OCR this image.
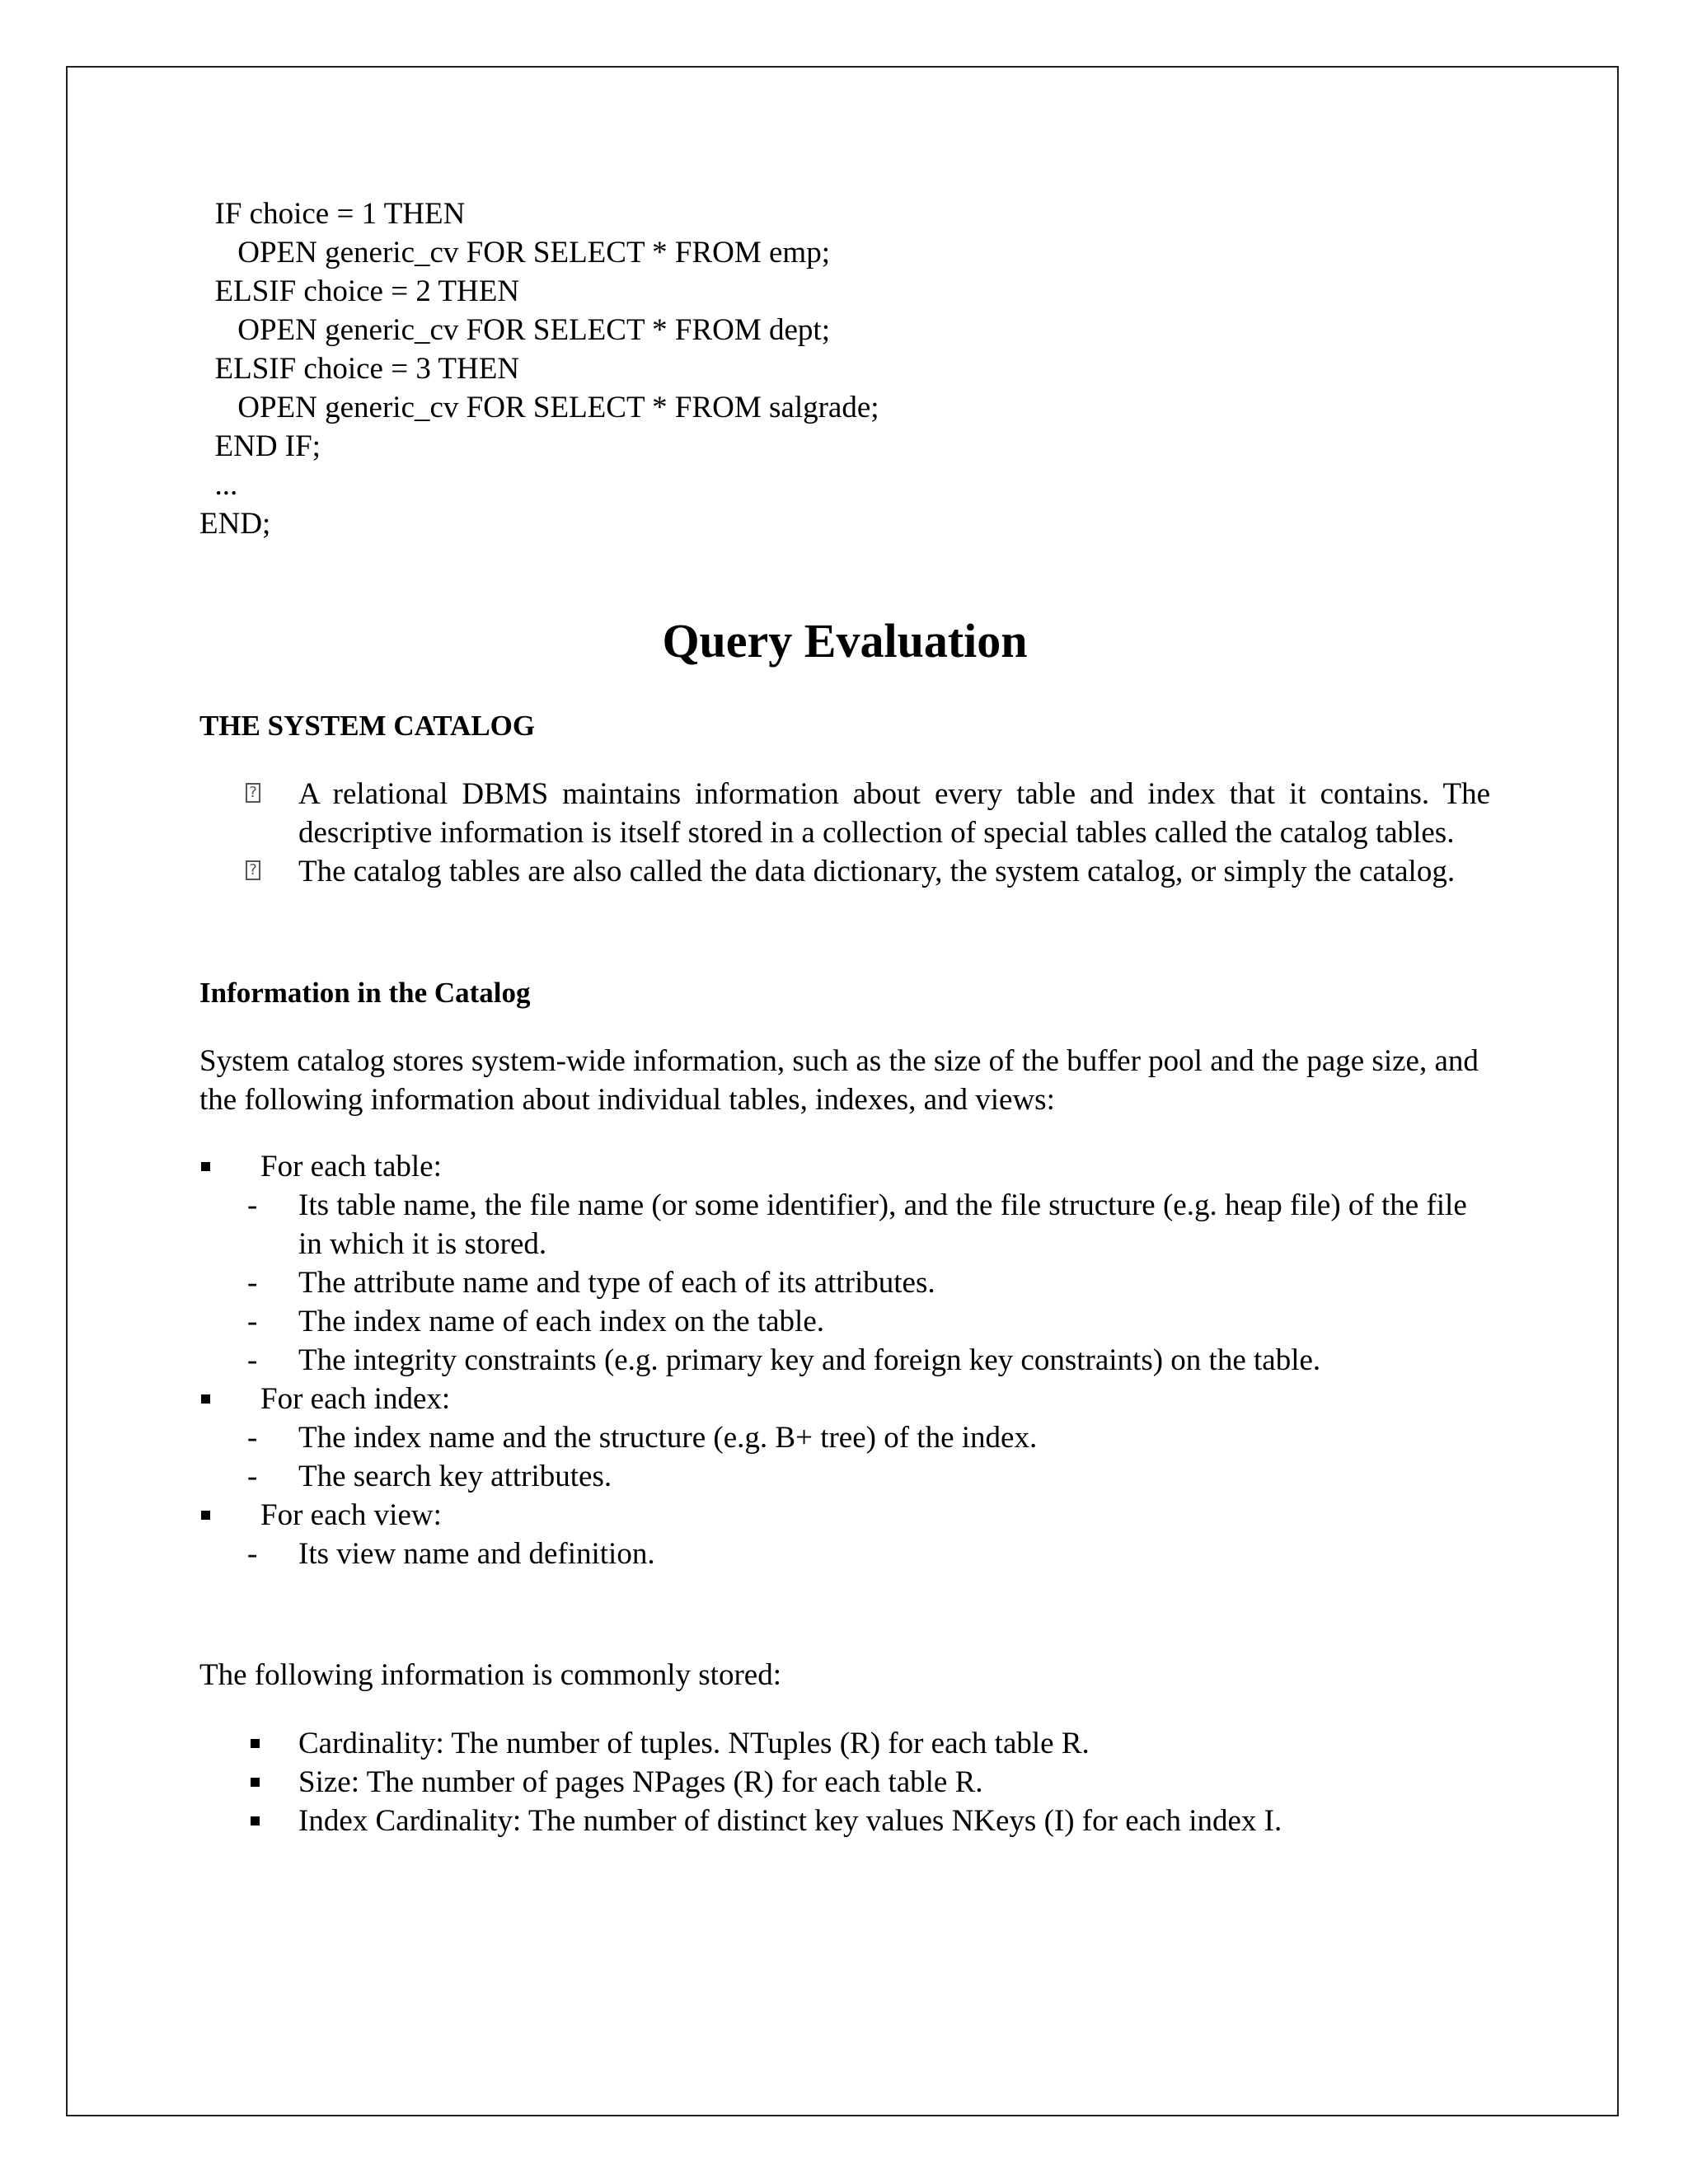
IF choice = 1 THEN
OPEN generic_cv FOR SELECT * FROM emp;
ELSIF choice = 2 THEN
OPEN generic_cv FOR SELECT * FROM dept;
ELSIF choice = 3 THEN
OPEN generic_cv FOR SELECT * FROM salgrade;
END IF;
...
END;
Query Evaluation
THE SYSTEM CATALOG
? A relational DBMS maintains information about every table and index that it contains. The descriptive information is itself stored in a collection of special tables called the catalog tables.
? The catalog tables are also called the data dictionary, the system catalog, or simply the catalog.
Information in the Catalog
System catalog stores system-wide information, such as the size of the buffer pool and the page size, and the following information about individual tables, indexes, and views:
For each table:
- Its table name, the file name (or some identifier), and the file structure (e.g. heap file) of the file in which it is stored.
- The attribute name and type of each of its attributes.
- The index name of each index on the table.
- The integrity constraints (e.g. primary key and foreign key constraints) on the table.
For each index:
- The index name and the structure (e.g. B+ tree) of the index.
- The search key attributes.
For each view:
- Its view name and definition.
The following information is commonly stored:
Cardinality: The number of tuples. NTuples (R) for each table R.
Size: The number of pages NPages (R) for each table R.
Index Cardinality: The number of distinct key values NKeys (I) for each index I.
